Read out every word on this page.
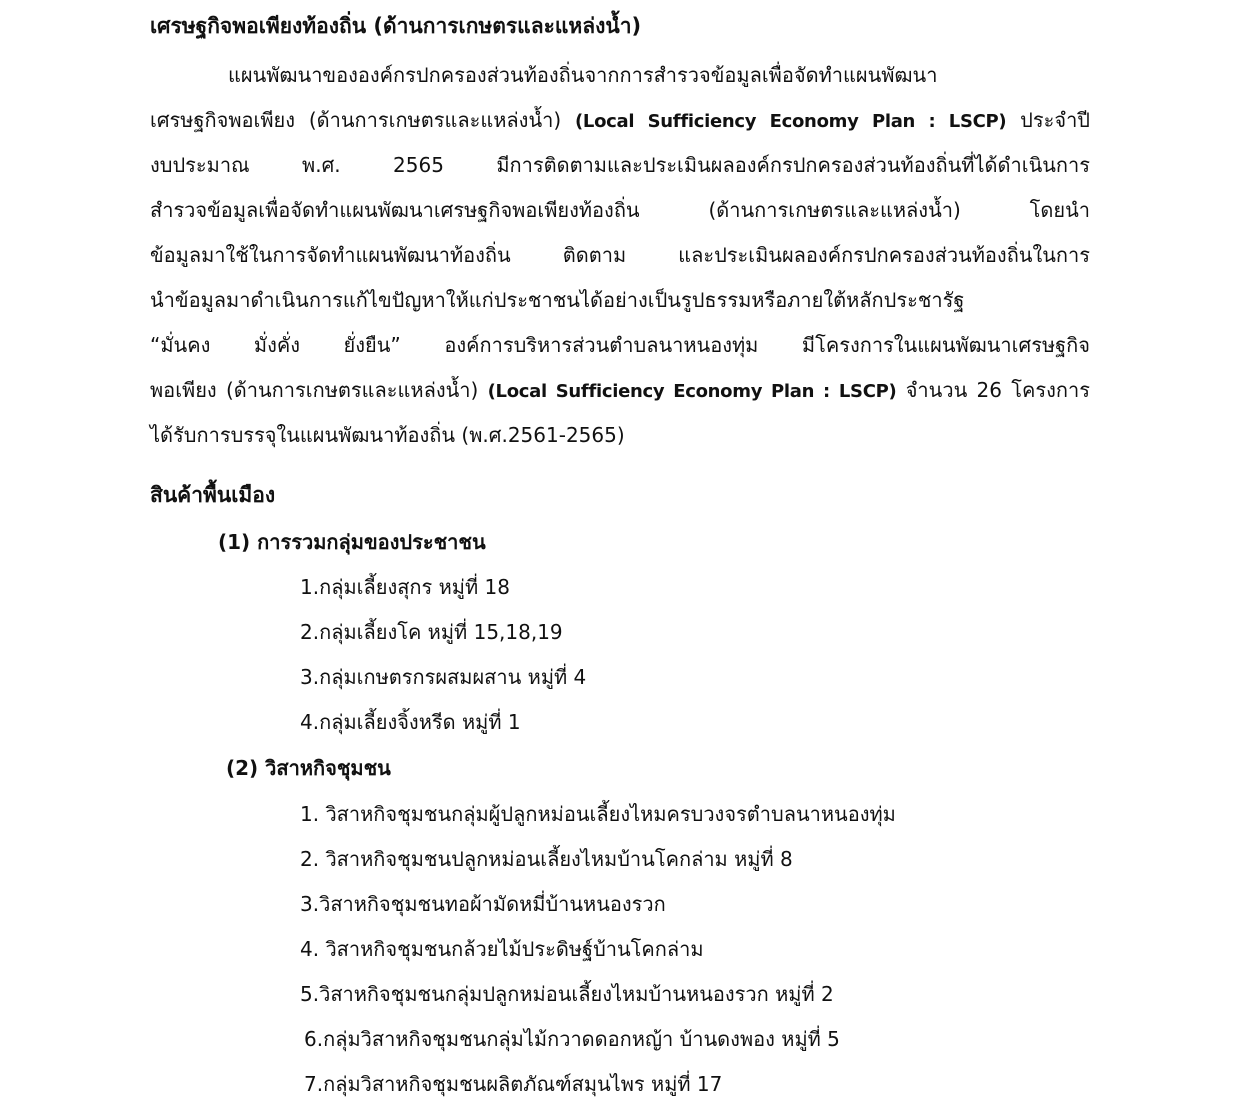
เศรษฐกิจพอเพียงท้องถิ่น (ด้านการเกษตรและแหล่งน้ำ)
แผนพัฒนาขององค์กรปกครองส่วนท้องถิ่นจากการสำรวจข้อมูลเพื่อจัดทำแผนพัฒนา
เศรษฐกิจพอเพียง (ด้านการเกษตรและแหล่งน้ำ) (Local Sufficiency Economy Plan : LSCP) ประจำปี
งบประมาณ พ.ศ. 2565 มีการติดตามและประเมินผลองค์กรปกครองส่วนท้องถิ่นที่ได้ดำเนินการ
สำรวจข้อมูลเพื่อจัดทำแผนพัฒนาเศรษฐกิจพอเพียงท้องถิ่น (ด้านการเกษตรและแหล่งน้ำ) โดยนำ
ข้อมูลมาใช้ในการจัดทำแผนพัฒนาท้องถิ่น ติดตาม และประเมินผลองค์กรปกครองส่วนท้องถิ่นในการ
นำข้อมูลมาดำเนินการแก้ไขปัญหาให้แก่ประชาชนได้อย่างเป็นรูปธรรมหรือภายใต้หลักประชารัฐ
“มั่นคง มั่งคั่ง ยั่งยืน” องค์การบริหารส่วนตำบลนาหนองทุ่ม มีโครงการในแผนพัฒนาเศรษฐกิจ
พอเพียง (ด้านการเกษตรและแหล่งน้ำ) (Local Sufficiency Economy Plan : LSCP) จำนวน 26 โครงการ
ได้รับการบรรจุในแผนพัฒนาท้องถิ่น (พ.ศ.2561-2565)
สินค้าพื้นเมือง
(1) การรวมกลุ่มของประชาชน
1.กลุ่มเลี้ยงสุกร หมู่ที่ 18
2.กลุ่มเลี้ยงโค หมู่ที่ 15,18,19
3.กลุ่มเกษตรกรผสมผสาน หมู่ที่ 4
4.กลุ่มเลี้ยงจิ้งหรีด หมู่ที่ 1
(2) วิสาหกิจชุมชน
1. วิสาหกิจชุมชนกลุ่มผู้ปลูกหม่อนเลี้ยงไหมครบวงจรตำบลนาหนองทุ่ม
2. วิสาหกิจชุมชนปลูกหม่อนเลี้ยงไหมบ้านโคกล่าม หมู่ที่ 8
3.วิสาหกิจชุมชนทอผ้ามัดหมี่บ้านหนองรวก
4. วิสาหกิจชุมชนกล้วยไม้ประดิษฐ์บ้านโคกล่าม
5.วิสาหกิจชุมชนกลุ่มปลูกหม่อนเลี้ยงไหมบ้านหนองรวก หมู่ที่ 2
6.กลุ่มวิสาหกิจชุมชนกลุ่มไม้กวาดดอกหญ้า บ้านดงพอง หมู่ที่ 5
7.กลุ่มวิสาหกิจชุมชนผลิตภัณฑ์สมุนไพร หมู่ที่ 17
